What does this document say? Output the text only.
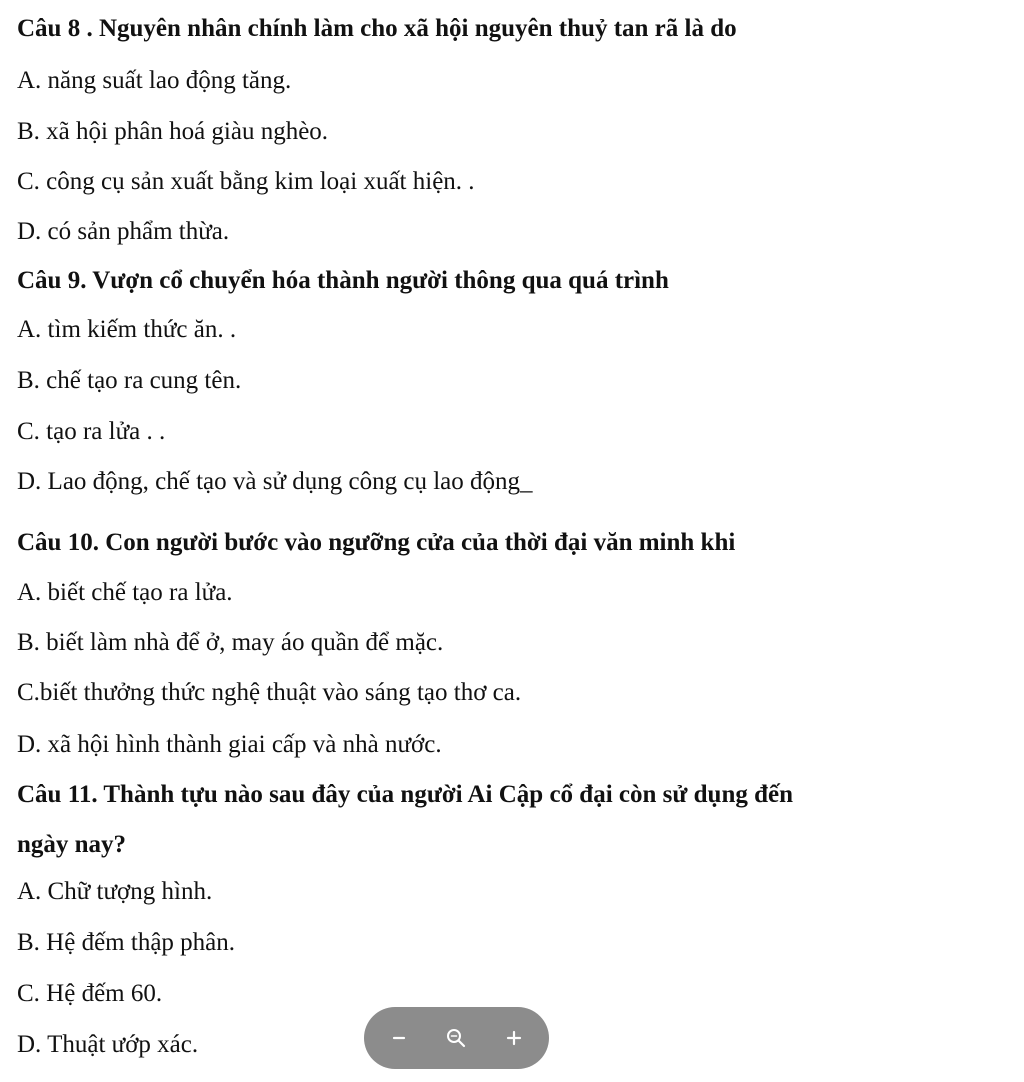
Câu 8 . Nguyên nhân chính làm cho xã hội nguyên thuỷ tan rã là do
A. năng suất lao động tăng.
B. xã hội phân hoá giàu nghèo.
C. công cụ sản xuất bằng kim loại xuất hiện. .
D. có sản phẩm thừa.
Câu 9. Vượn cổ chuyển hóa thành người thông qua quá trình
A. tìm kiếm thức ăn. .
B. chế tạo ra cung tên.
C. tạo ra lửa . .
D. Lao động, chế tạo và sử dụng công cụ lao động_
Câu 10. Con người bước vào ngưỡng cửa của thời đại văn minh khi
A. biết chế tạo ra lửa.
B. biết làm nhà để ở, may áo quần để mặc.
C.biết thưởng thức nghệ thuật vào sáng tạo thơ ca.
D. xã hội hình thành giai cấp và nhà nước.
Câu 11. Thành tựu nào sau đây của người Ai Cập cổ đại còn sử dụng đến
ngày nay?
A. Chữ tượng hình.
B. Hệ đếm thập phân.
C. Hệ đếm 60.
D. Thuật ướp xác.
